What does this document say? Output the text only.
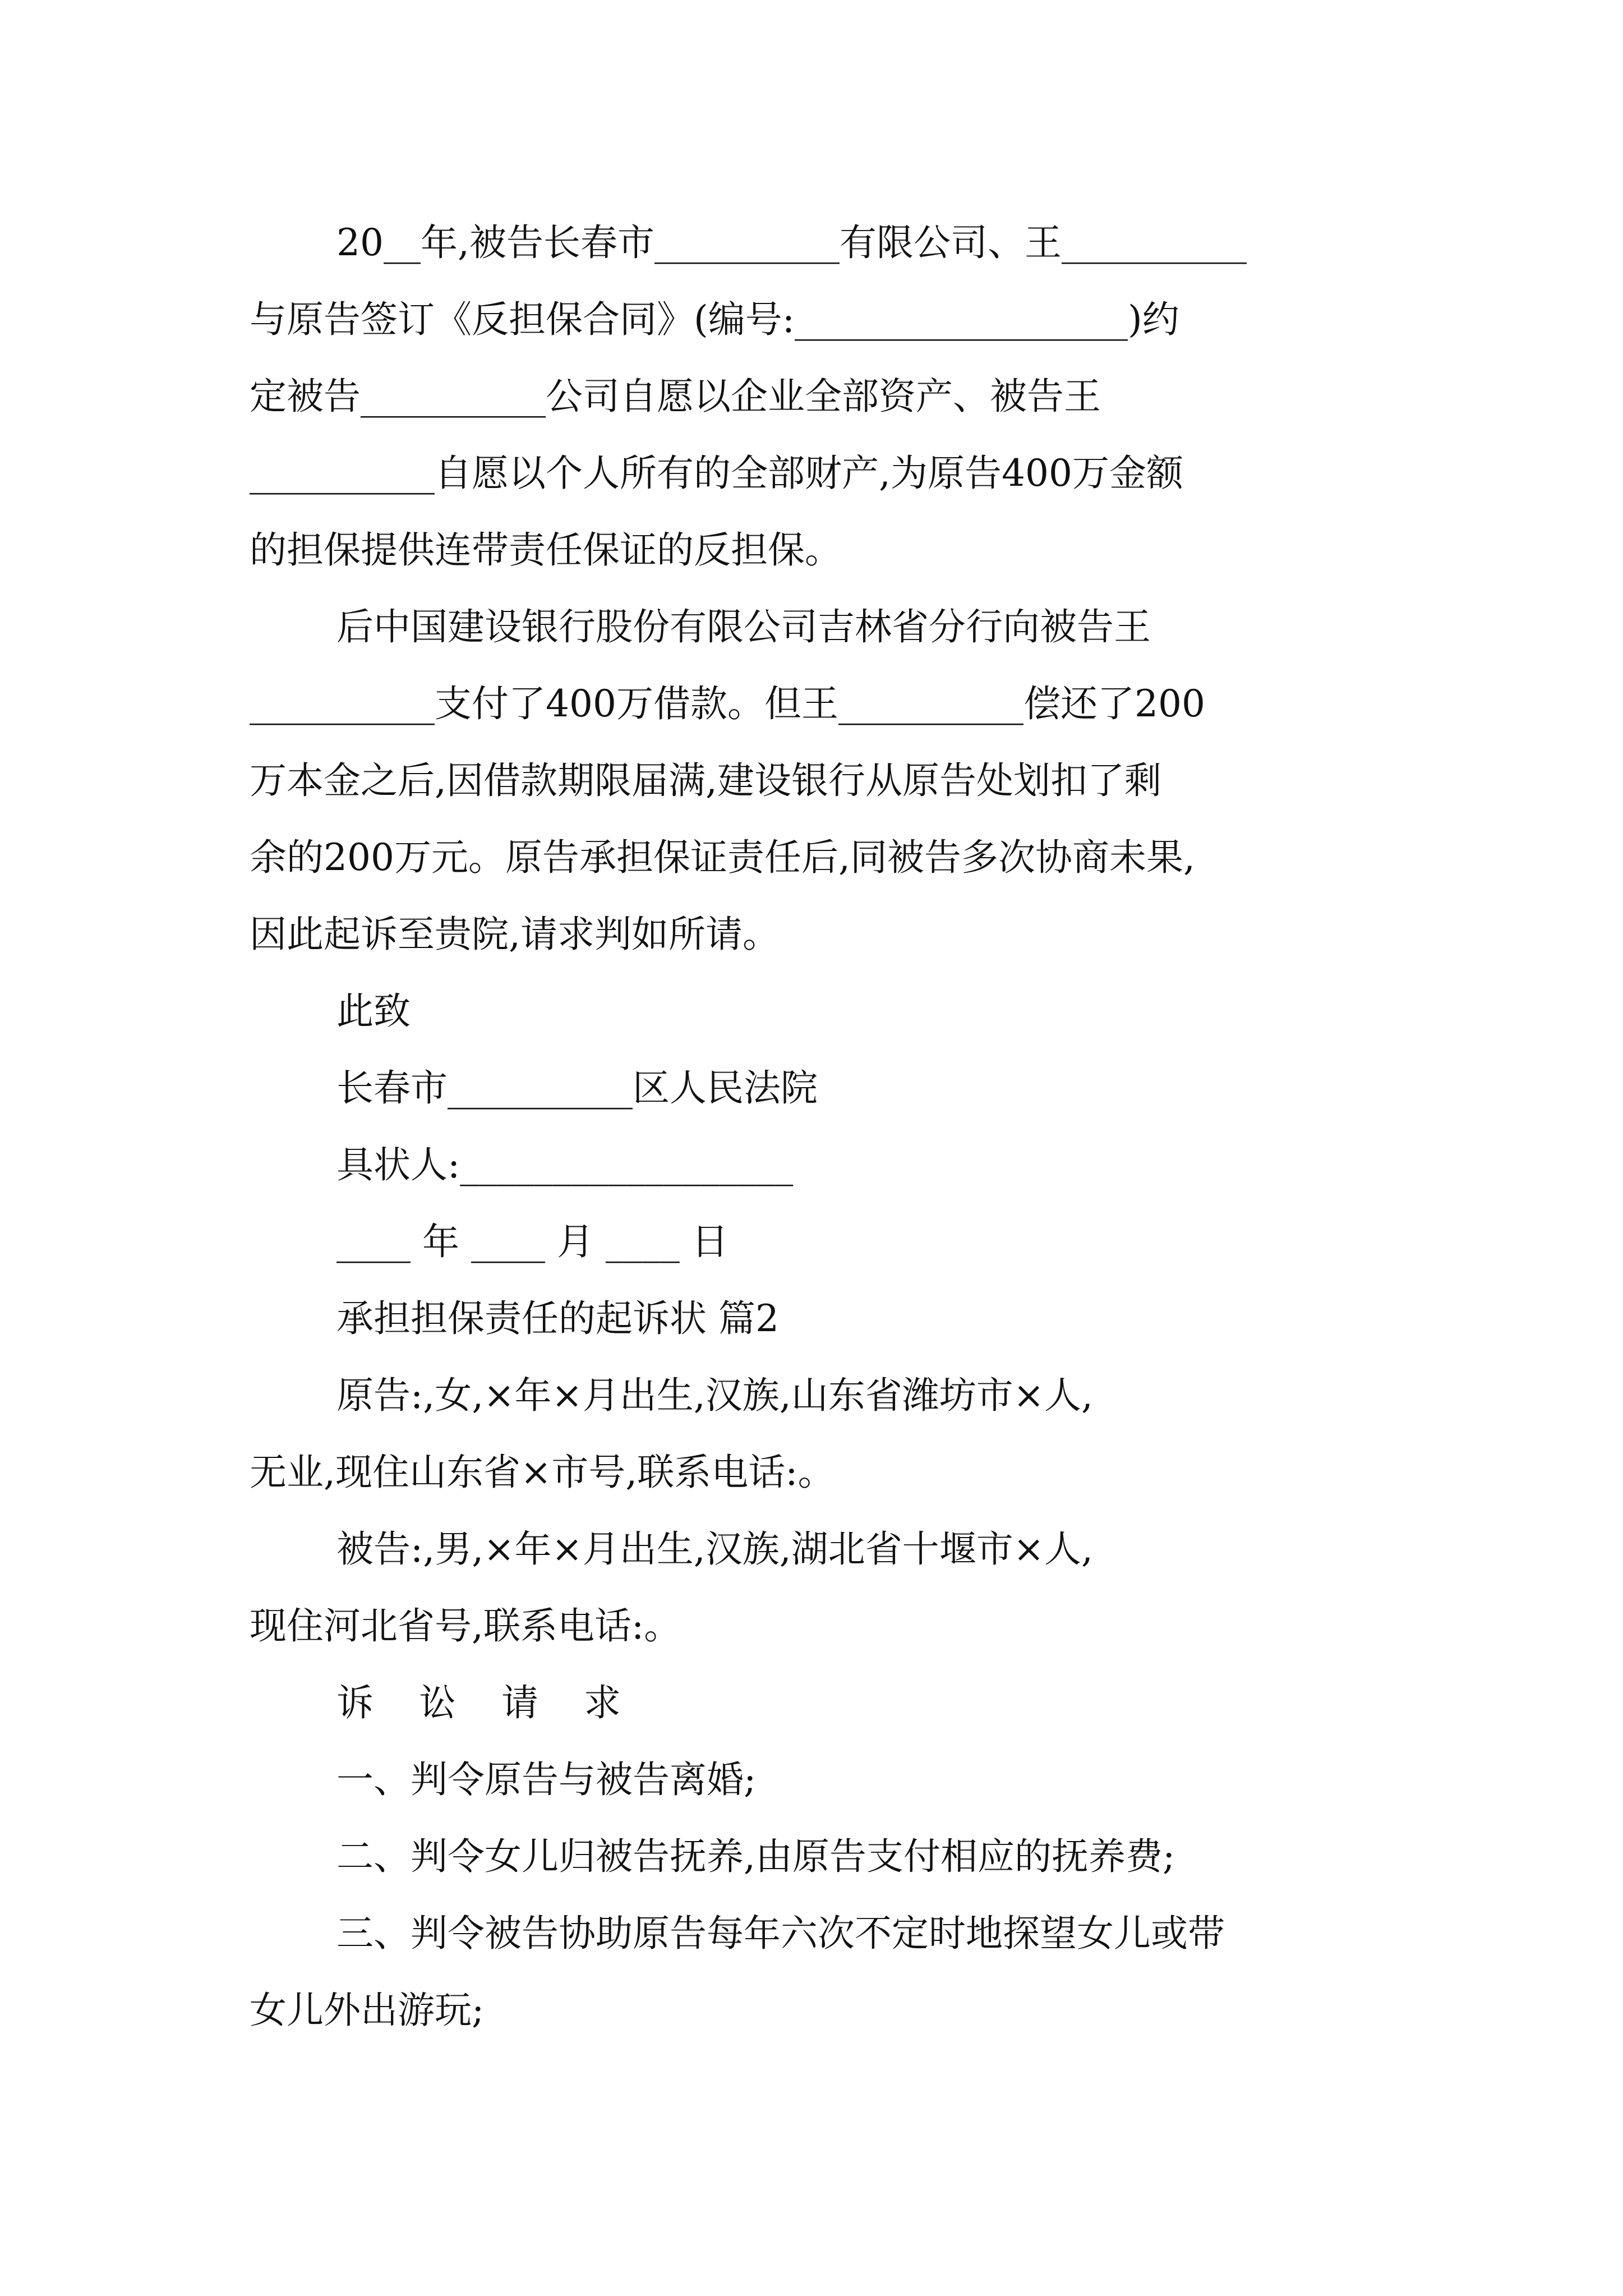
20__年,被告长春市__________有限公司、王__________
与原告签订《反担保合同》(编号:__________________)约
定被告__________公司自愿以企业全部资产、被告王
__________自愿以个人所有的全部财产,为原告400万金额
的担保提供连带责任保证的反担保。
后中国建设银行股份有限公司吉林省分行向被告王
__________支付了400万借款。但王__________偿还了200
万本金之后,因借款期限届满,建设银行从原告处划扣了剩
余的200万元。原告承担保证责任后,同被告多次协商未果,
因此起诉至贵院,请求判如所请。
此致
长春市__________区人民法院
具状人:__________________
____ 年 ____ 月 ____ 日
承担担保责任的起诉状 篇2
原告:,女,×年×月出生,汉族,山东省潍坊市×人,
无业,现住山东省×市号,联系电话:。
被告:,男,×年×月出生,汉族,湖北省十堰市×人,
现住河北省号,联系电话:。
诉 讼 请 求
一、判令原告与被告离婚;
二、判令女儿归被告抚养,由原告支付相应的抚养费;
三、判令被告协助原告每年六次不定时地探望女儿或带
女儿外出游玩;
